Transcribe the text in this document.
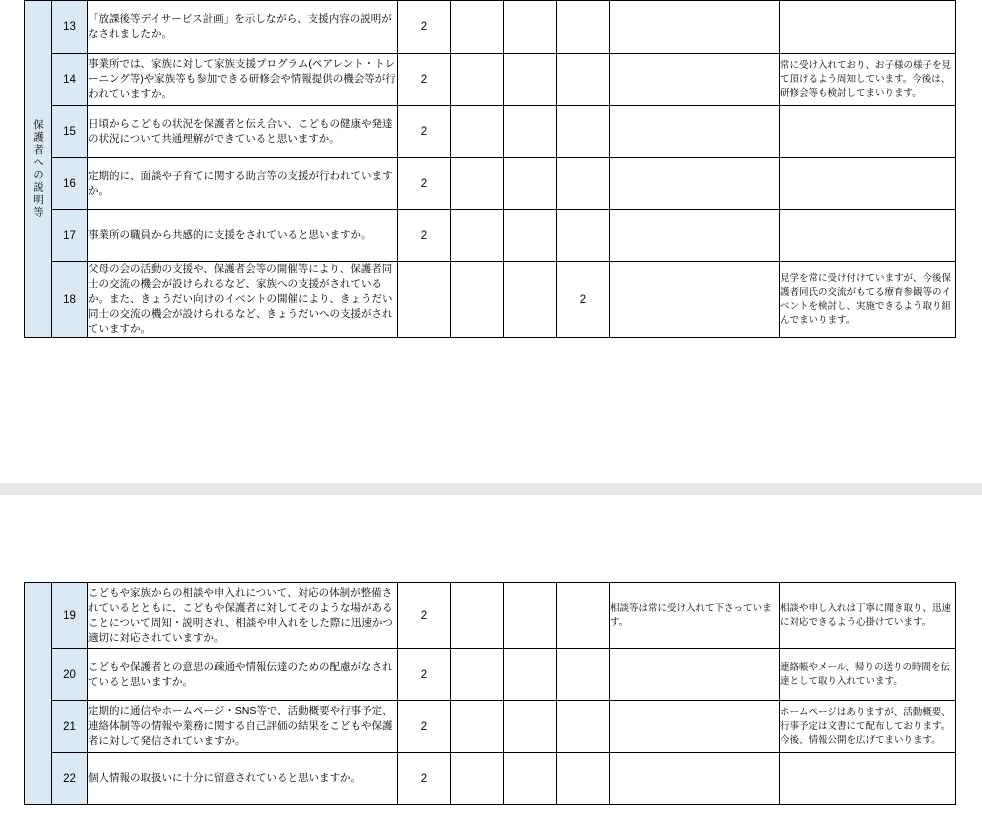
保護者への説明等	13	「放課後等デイサービス計画」を示しながら、支援内容の説明がなされましたか。	2					
	14	事業所では、家族に対して家族支援プログラム(ペアレント・トレーニング等)や家族等も参加できる研修会や情報提供の機会等が行われていますか。	2					常に受け入れており、お子様の様子を見て頂けるよう周知しています。今後は、研修会等も検討してまいります。
	15	日頃からこどもの状況を保護者と伝え合い、こどもの健康や発達の状況について共通理解ができていると思いますか。	2					
	16	定期的に、面談や子育てに関する助言等の支援が行われていますか。	2					
	17	事業所の職員から共感的に支援をされていると思いますか。	2					
	18	父母の会の活動の支援や、保護者会等の開催等により、保護者同士の交流の機会が設けられるなど、家族への支援がされているか。また、きょうだい向けのイベントの開催により、きょうだい同士の交流の機会が設けられるなど、きょうだいへの支援がされていますか。				2		見学を常に受け付けていますが、今後保護者同氏の交流がもてる療育参観等のイベントを検討し、実施できるよう取り組んでまいります。
	19	こどもや家族からの相談や申入れについて、対応の体制が整備されているとともに、こどもや保護者に対してそのような場があることについて周知・説明され、相談や申入れをした際に迅速かつ適切に対応されていますか。	2				相談等は常に受け入れて下さっています。	相談や申し入れは丁寧に聞き取り、迅速に対応できるよう心掛けています。
	20	こどもや保護者との意思の疎通や情報伝達のための配慮がなされていると思いますか。	2					連絡帳やメール、帰りの送りの時間を伝達として取り入れています。
	21	定期的に通信やホームページ・SNS等で、活動概要や行事予定、連絡体制等の情報や業務に関する自己評価の結果をこどもや保護者に対して発信されていますか。	2					ホームページはありますが、活動概要、行事予定は文書にて配布しております。今後、情報公開を広げてまいります。
	22	個人情報の取扱いに十分に留意されていると思いますか。	2					
